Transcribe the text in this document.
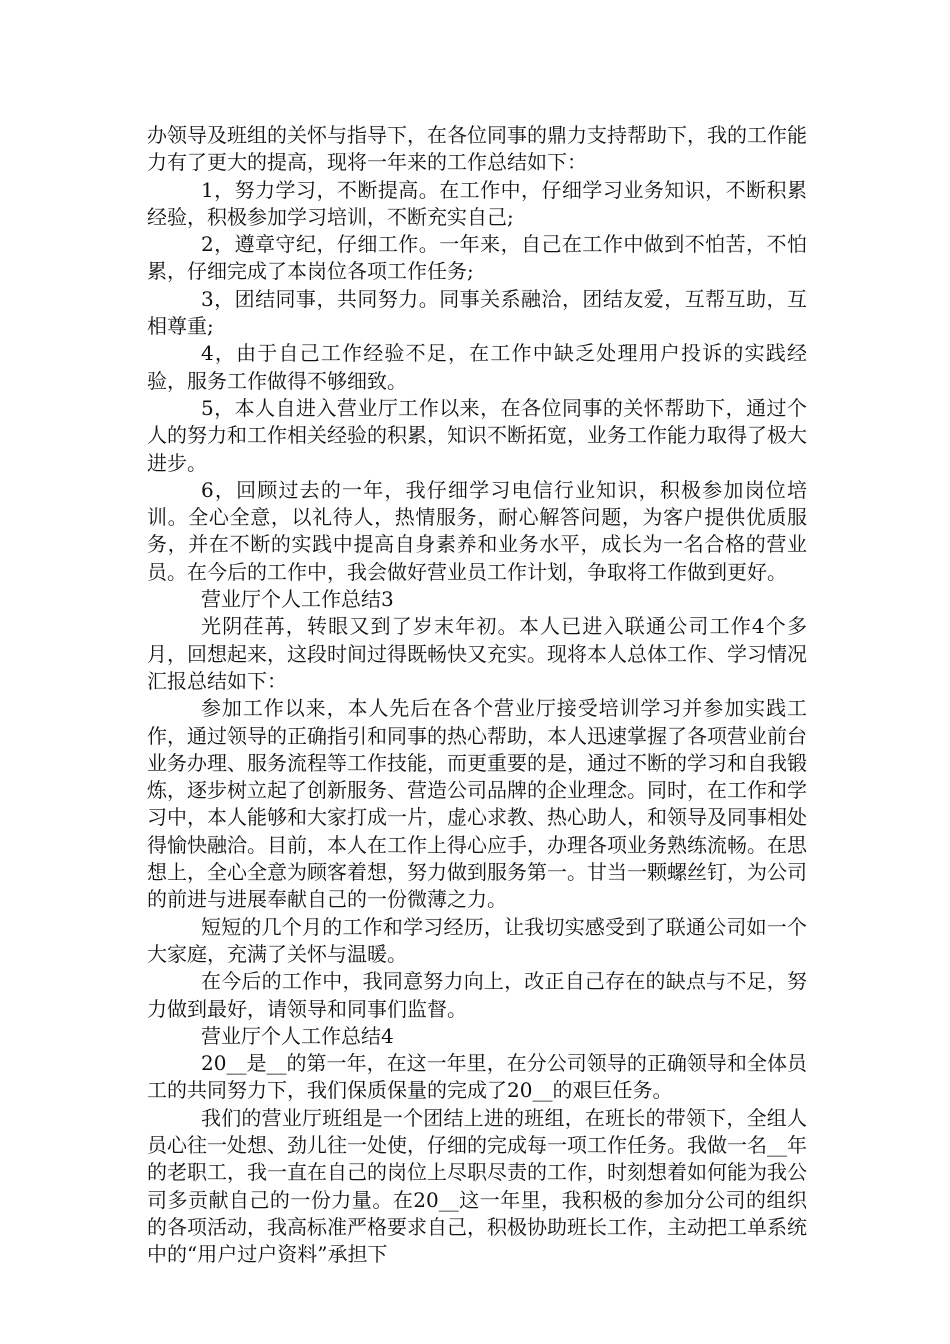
办领导及班组的关怀与指导下，在各位同事的鼎力支持帮助下，我的工作能力有了更大的提高，现将一年来的工作总结如下：

1，努力学习，不断提高。在工作中，仔细学习业务知识，不断积累经验，积极参加学习培训，不断充实自己;

2，遵章守纪，仔细工作。一年来，自己在工作中做到不怕苦，不怕累，仔细完成了本岗位各项工作任务;

3，团结同事，共同努力。同事关系融洽，团结友爱，互帮互助，互相尊重;

4，由于自己工作经验不足，在工作中缺乏处理用户投诉的实践经验，服务工作做得不够细致。

5，本人自进入营业厅工作以来，在各位同事的关怀帮助下，通过个人的努力和工作相关经验的积累，知识不断拓宽，业务工作能力取得了极大进步。

6，回顾过去的一年，我仔细学习电信行业知识，积极参加岗位培训。全心全意，以礼待人，热情服务，耐心解答问题，为客户提供优质服务，并在不断的实践中提高自身素养和业务水平，成长为一名合格的营业员。在今后的工作中，我会做好营业员工作计划，争取将工作做到更好。

营业厅个人工作总结3

光阴荏苒，转眼又到了岁末年初。本人已进入联通公司工作4个多月，回想起来，这段时间过得既畅快又充实。现将本人总体工作、学习情况汇报总结如下：

参加工作以来，本人先后在各个营业厅接受培训学习并参加实践工作，通过领导的正确指引和同事的热心帮助，本人迅速掌握了各项营业前台业务办理、服务流程等工作技能，而更重要的是，通过不断的学习和自我锻炼，逐步树立起了创新服务、营造公司品牌的企业理念。同时，在工作和学习中，本人能够和大家打成一片，虚心求教、热心助人，和领导及同事相处得愉快融洽。目前，本人在工作上得心应手，办理各项业务熟练流畅。在思想上，全心全意为顾客着想，努力做到服务第一。甘当一颗螺丝钉，为公司的前进与进展奉献自己的一份微薄之力。

短短的几个月的工作和学习经历，让我切实感受到了联通公司如一个大家庭，充满了关怀与温暖。

在今后的工作中，我同意努力向上，改正自己存在的缺点与不足，努力做到最好，请领导和同事们监督。

营业厅个人工作总结4

20__是__的第一年，在这一年里，在分公司领导的正确领导和全体员工的共同努力下，我们保质保量的完成了20__的艰巨任务。

我们的营业厅班组是一个团结上进的班组，在班长的带领下，全组人员心往一处想、劲儿往一处使，仔细的完成每一项工作任务。我做一名__年的老职工，我一直在自己的岗位上尽职尽责的工作，时刻想着如何能为我公司多贡献自己的一份力量。在20__这一年里，我积极的参加分公司的组织的各项活动，我高标准严格要求自己，积极协助班长工作，主动把工单系统中的“用户过户资料”承担下
